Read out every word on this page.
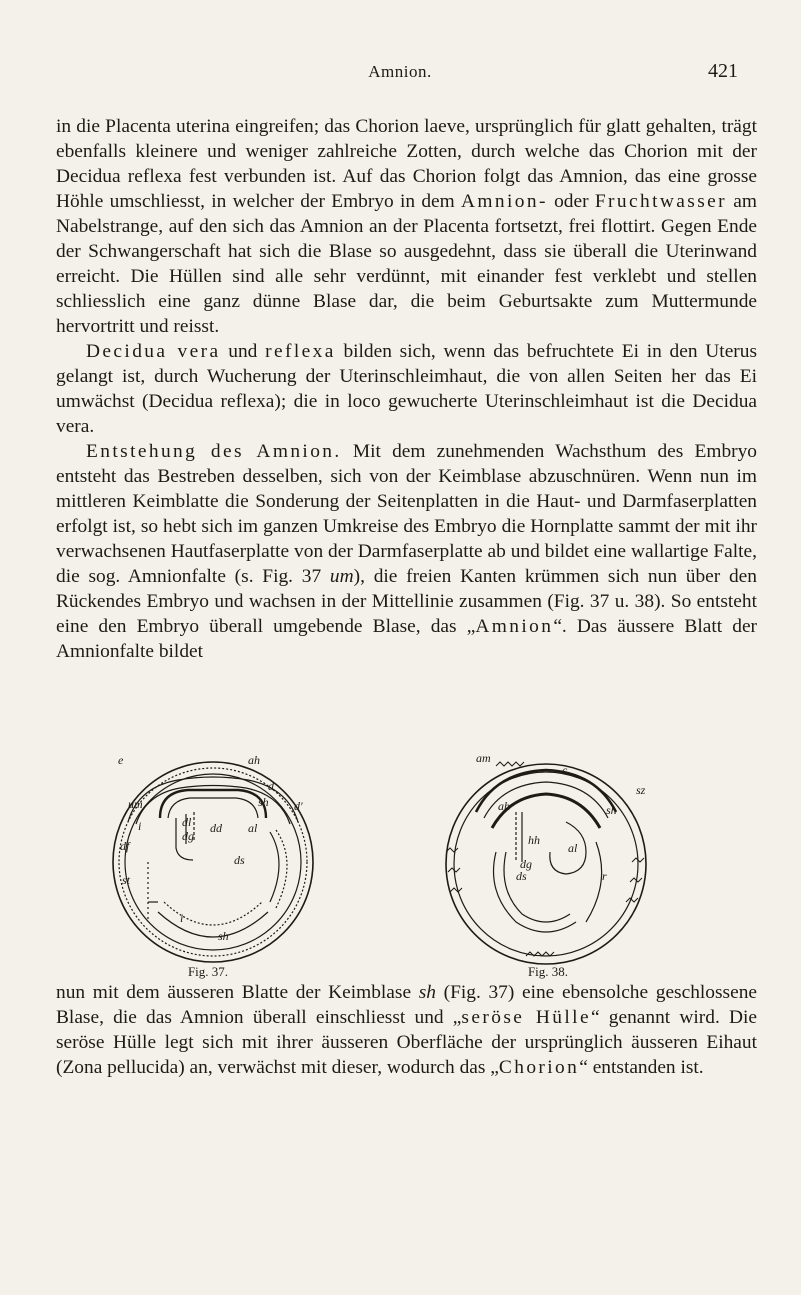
Amnion.	421

in die Placenta uterina eingreifen; das Chorion laeve, ursprünglich für glatt gehalten, trägt ebenfalls kleinere und weniger zahlreiche Zotten, durch welche das Chorion mit der Decidua reflexa fest verbunden ist. Auf das Chorion folgt das Amnion, das eine grosse Höhle umschliesst, in welcher der Embryo in dem Amnion- oder Fruchtwasser am Nabelstrange, auf den sich das Amnion an der Placenta fortsetzt, frei flottirt. Gegen Ende der Schwangerschaft hat sich die Blase so ausgedehnt, dass sie überall die Uterinwand erreicht. Die Hüllen sind alle sehr verdünnt, mit einander fest verklebt und stellen schliesslich eine ganz dünne Blase dar, die beim Geburtsakte zum Muttermunde hervortritt und reisst.

Decidua vera und reflexa bilden sich, wenn das befruchtete Ei in den Uterus gelangt ist, durch Wucherung der Uterinschleimhaut, die von allen Seiten her das Ei umwächst (Decidua reflexa); die in loco gewucherte Uterinschleimhaut ist die Decidua vera.

Entstehung des Amnion. Mit dem zunehmenden Wachsthum des Embryo entsteht das Bestreben desselben, sich von der Keimblase abzuschnüren. Wenn nun im mittleren Keimblatte die Sonderung der Seitenplatten in die Haut- und Darmfaserplatten erfolgt ist, so hebt sich im ganzen Umkreise des Embryo die Hornplatte sammt der mit ihr verwachsenen Hautfaserplatte von der Darmfaserplatte ab und bildet eine wallartige Falte, die sog. Amnionfalte (s. Fig. 37 um), die freien Kanten krümmen sich nun über den Rückendes Embryo und wachsen in der Mittellinie zusammen (Fig. 37 u. 38). So entsteht eine den Embryo überall umgebende Blase, das „Amnion“. Das äussere Blatt der Amnionfalte bildet

e	ah
d
um	sh d'
i	dl
dg
dd al
df
ds
st
i
sh
Fig. 37.
am
c
sz
ah	sh
hh
al
dg
ds	r
Fig. 38.

nun mit dem äusseren Blatte der Keimblase sh (Fig. 37) eine ebensolche geschlossene Blase, die das Amnion überall einschliesst und „seröse Hülle“ genannt wird. Die seröse Hülle legt sich mit ihrer äusseren Oberfläche der ursprünglich äusseren Eihaut (Zona pellucida) an, verwächst mit dieser, wodurch das „Chorion“ entstanden ist.
